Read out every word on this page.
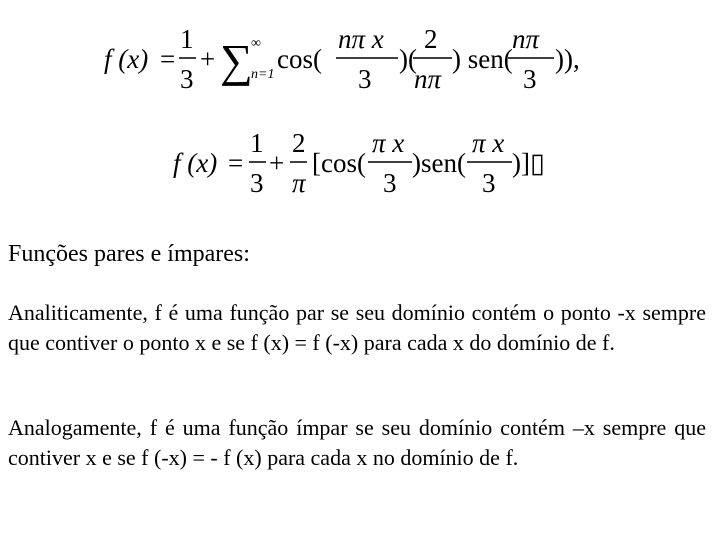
f (x) =
1
3
+ ∑
∞
n=1
cos(
nπ x
3
)(
2
nπ
) sen(
nπ
3
)),
f (x) =
1
3
+
2
π
[cos(
π x
3
)sen(
π x
3
)]▯
Funções pares e ímpares:
Analiticamente, f é uma função par se seu domínio contém o ponto -x sempre que contiver o ponto x e se f (x) = f (-x) para cada x do domínio de f.
Analogamente, f é uma função ímpar se seu domínio contém –x sempre que contiver x e se f (-x) = - f (x) para cada x no domínio de f.
